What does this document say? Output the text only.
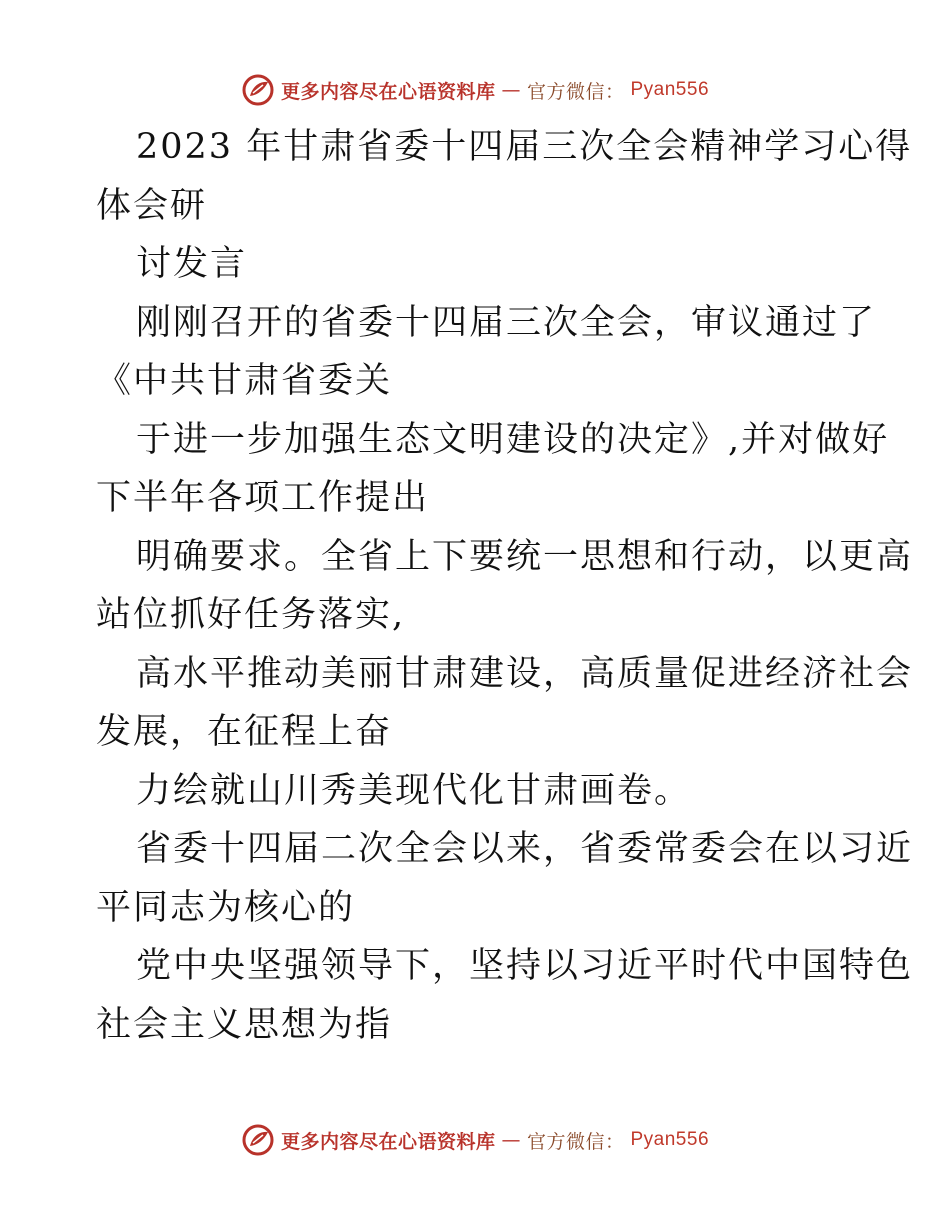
更多内容尽在心语资料库 — 官方微信： Pyan556
2023 年甘肃省委十四届三次全会精神学习心得
体会研
讨发言
刚刚召开的省委十四届三次全会，审议通过了
《中共甘肃省委关
于进一步加强生态文明建设的决定》,并对做好
下半年各项工作提出
明确要求。全省上下要统一思想和行动，以更高
站位抓好任务落实,
高水平推动美丽甘肃建设，高质量促进经济社会
发展，在征程上奋
力绘就山川秀美现代化甘肃画卷。
省委十四届二次全会以来，省委常委会在以习近
平同志为核心的
党中央坚强领导下，坚持以习近平时代中国特色
社会主义思想为指
更多内容尽在心语资料库 — 官方微信： Pyan556
